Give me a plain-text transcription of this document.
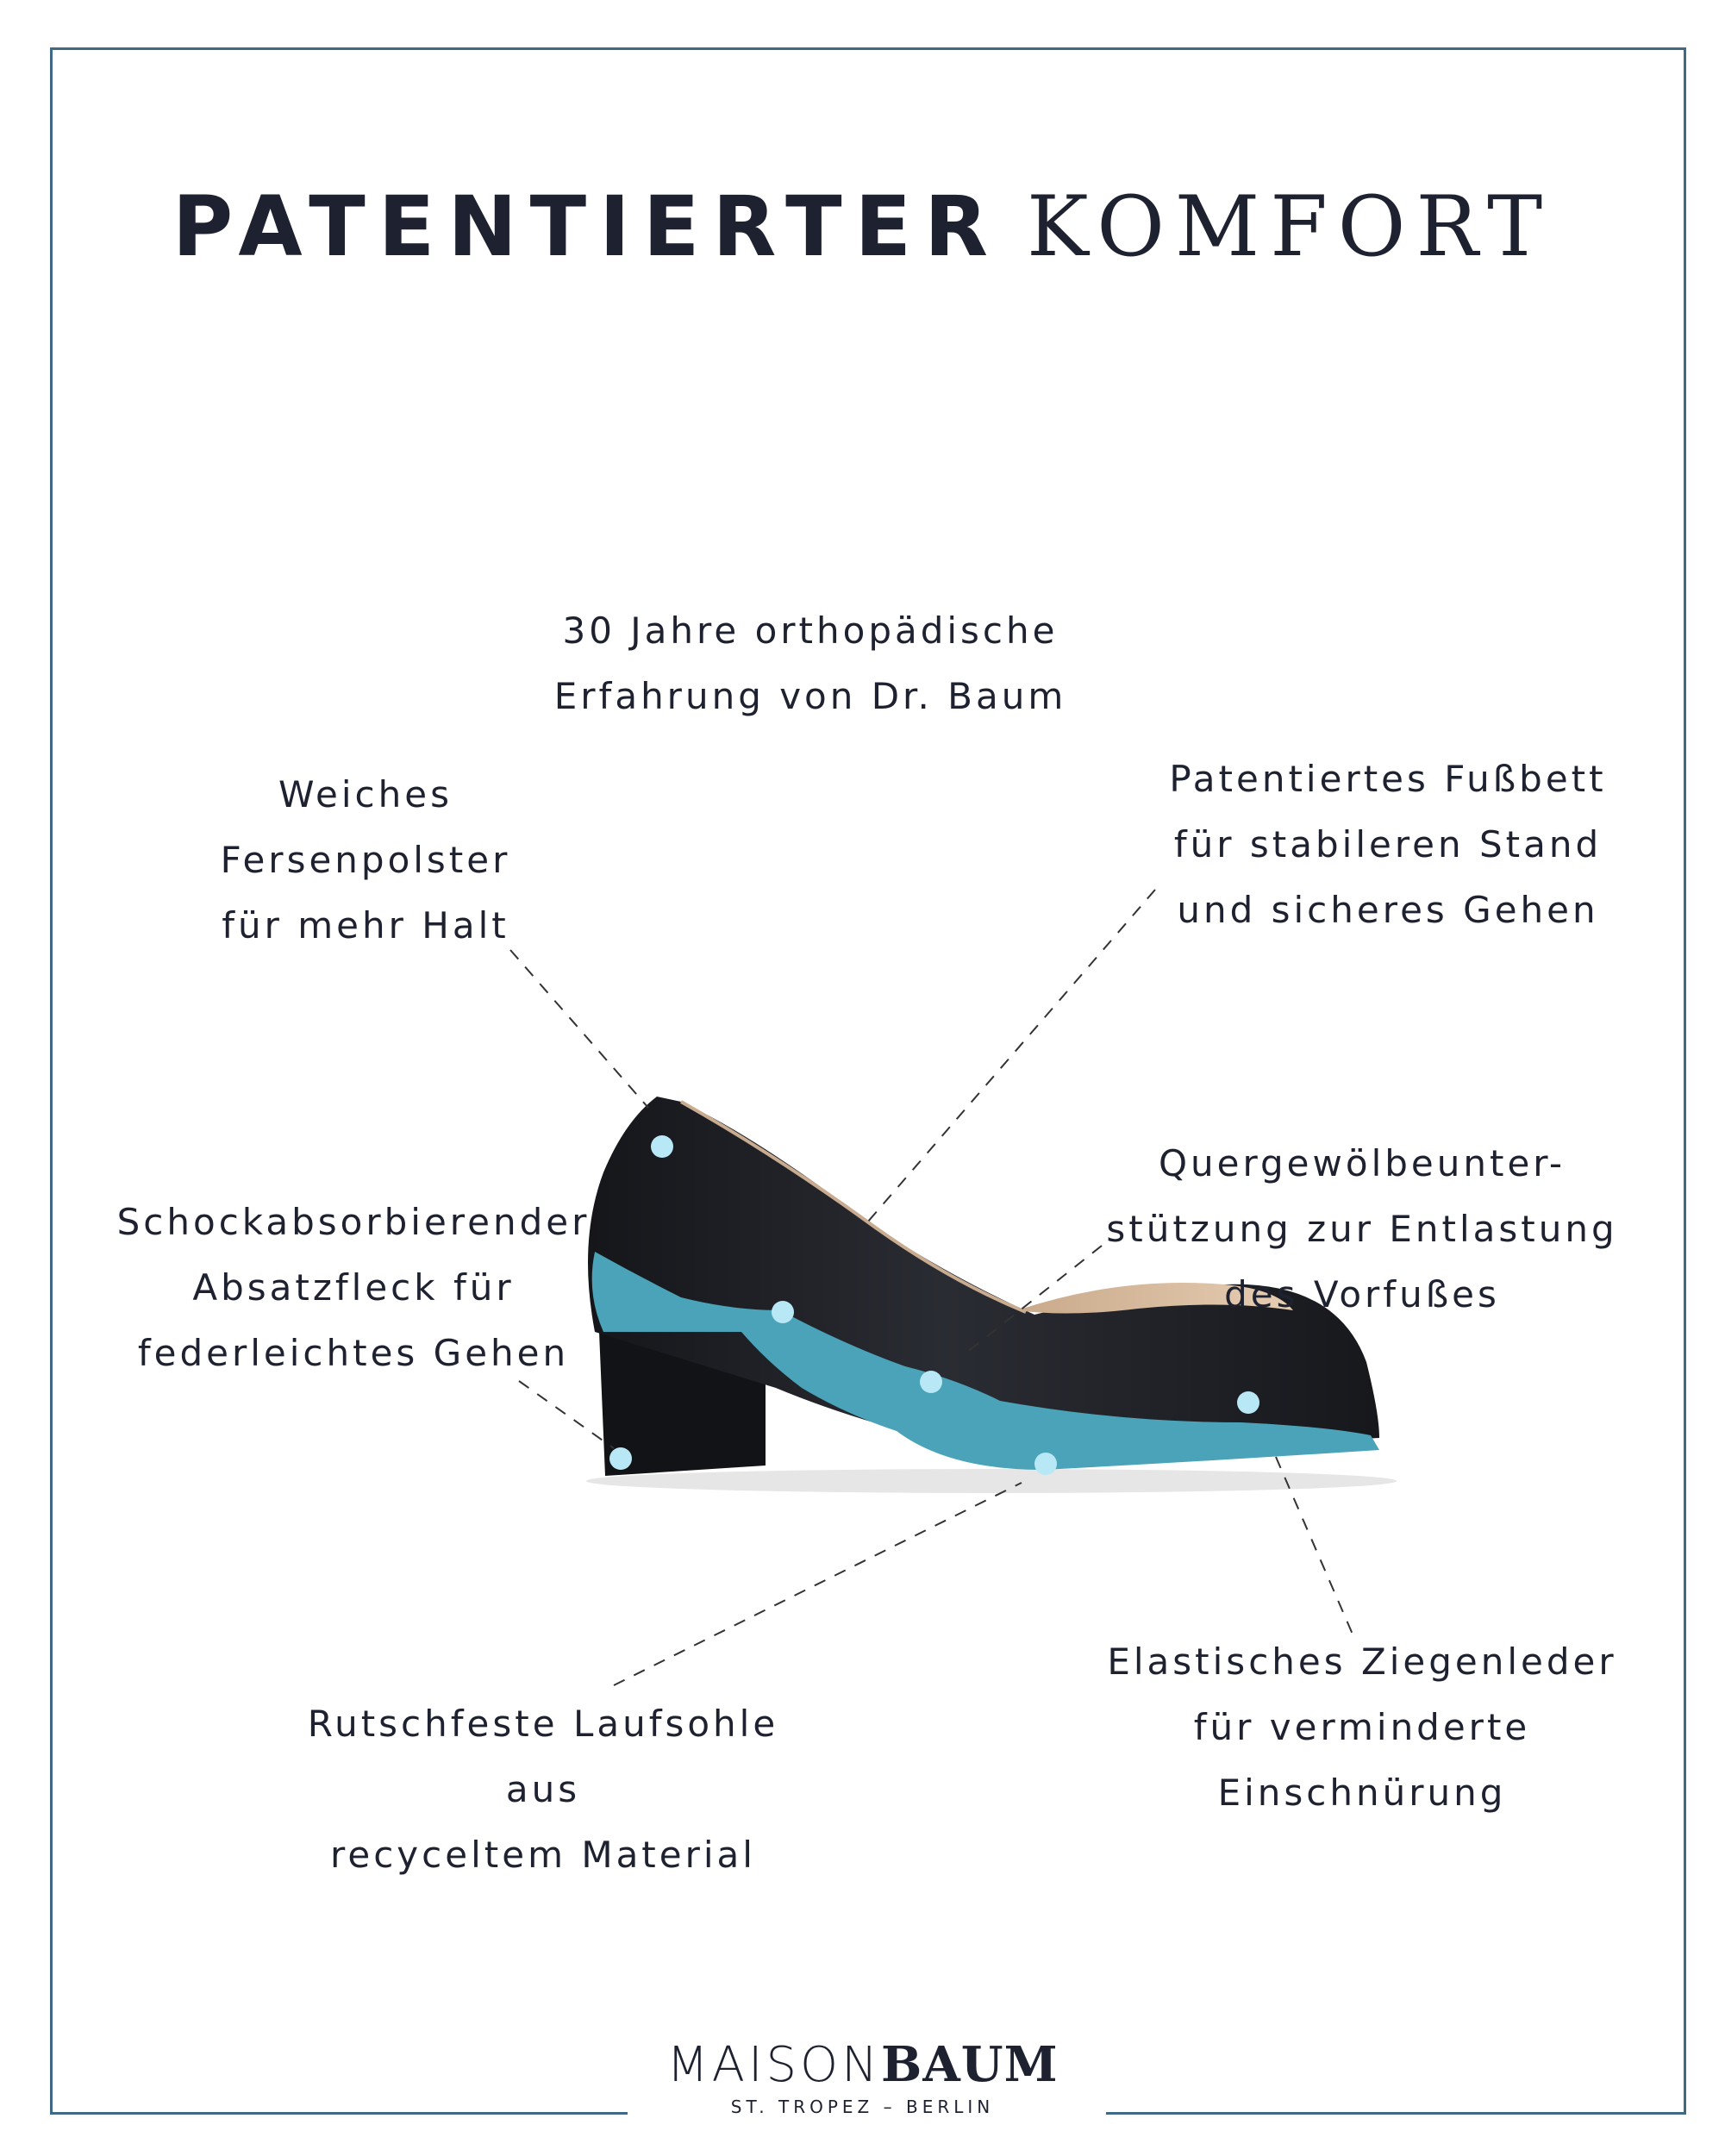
PATENTIERTER KOMFORT
30 Jahre orthopädische
Erfahrung von Dr. Baum
Weiches
Fersenpolster
für mehr Halt
Patentiertes Fußbett
für stabileren Stand
und sicheres Gehen
Schockabsorbierender
Absatzfleck für
federleichtes Gehen
Quergewölbeunter-
stützung zur Entlastung
des Vorfußes
Rutschfeste Laufsohle
aus
recyceltem Material
Elastisches Ziegenleder
für verminderte
Einschnürung
MAISONBAUM
ST. TROPEZ – BERLIN
